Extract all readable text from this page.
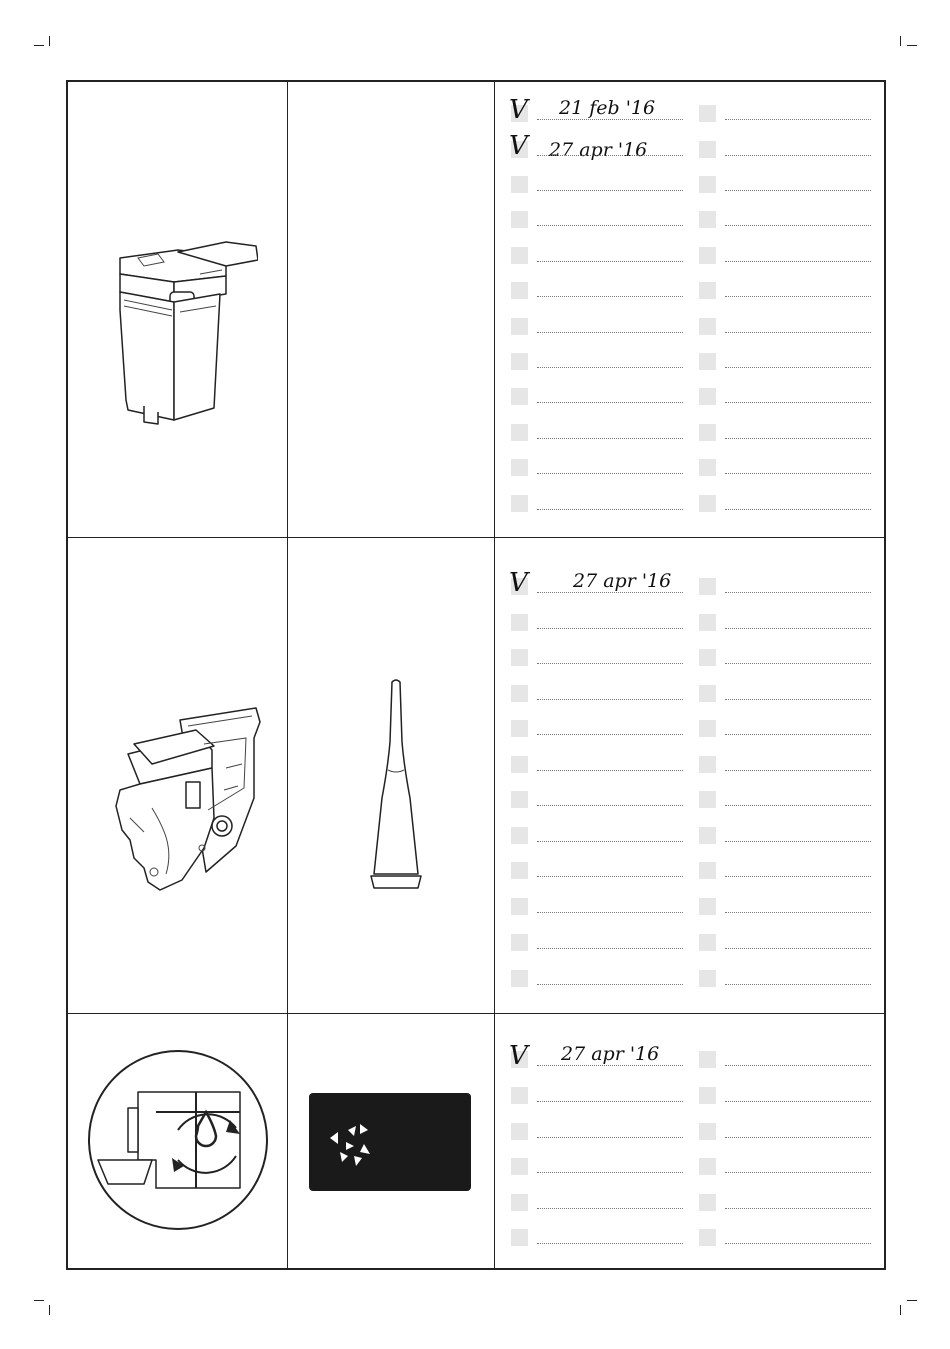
V 21 feb '16
V 27 apr '16
V 27 apr '16
V 27 apr '16
